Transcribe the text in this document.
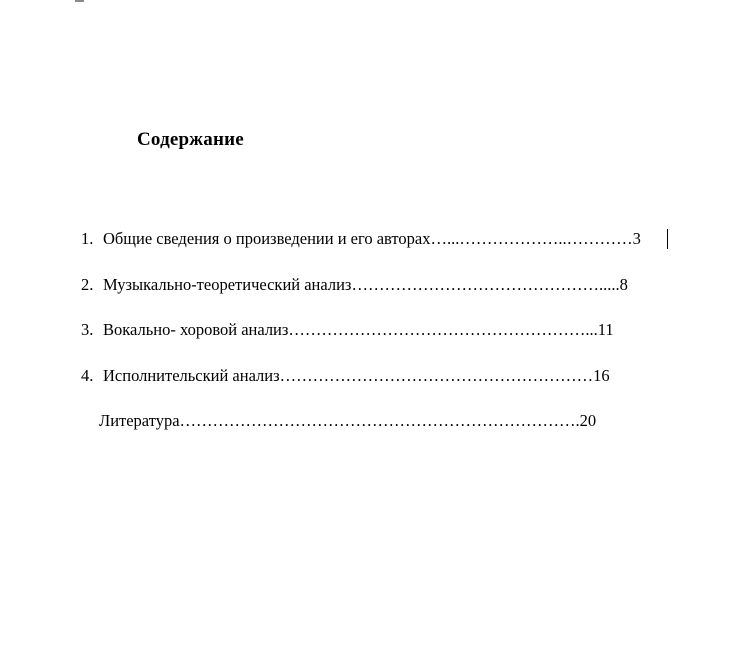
Содержание
1. Общие сведения о произведении и его авторах…...………………..…………3
2. Музыкально-теоретический анализ……………………………………….....8
3. Вокально- хоровой анализ………………………………………………...11
4. Исполнительский анализ…………………………………………………16
Литература……………………………………………………………….20
